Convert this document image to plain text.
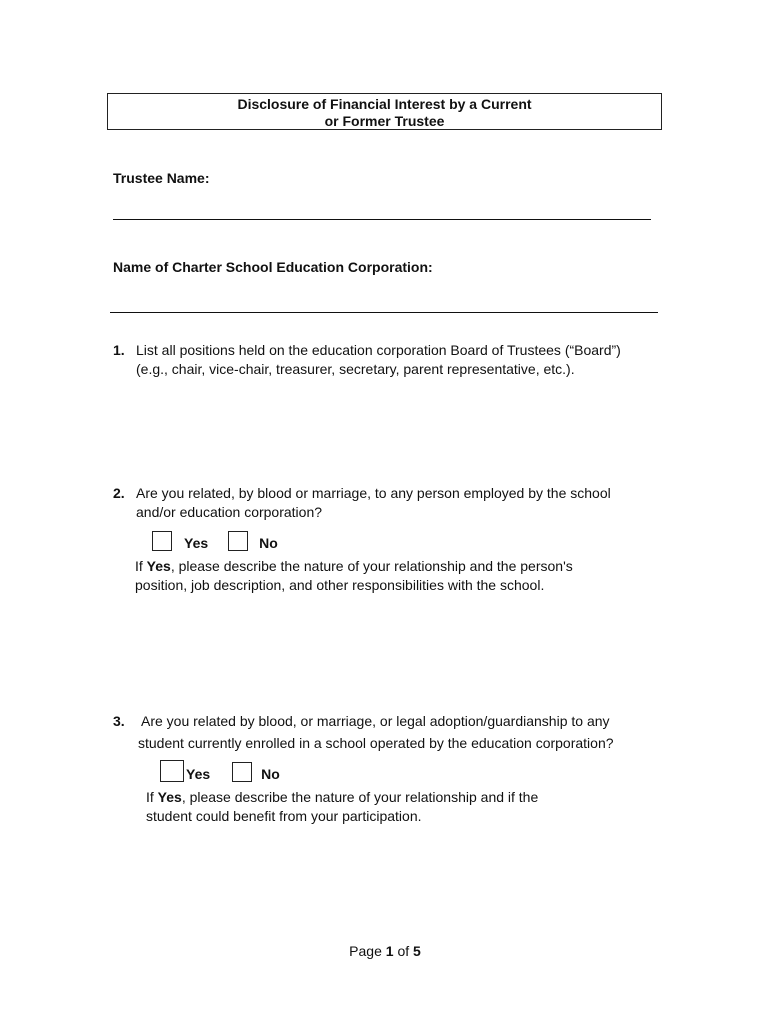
Disclosure of Financial Interest by a Current
or Former Trustee
Trustee Name:
Name of Charter School Education Corporation:
1. List all positions held on the education corporation Board of Trustees (“Board”)
(e.g., chair, vice-chair, treasurer, secretary, parent representative, etc.).
2. Are you related, by blood or marriage, to any person employed by the school
and/or education corporation?
Yes	No
If Yes, please describe the nature of your relationship and the person's
position, job description, and other responsibilities with the school.
3. Are you related by blood, or marriage, or legal adoption/guardianship to any
student currently enrolled in a school operated by the education corporation?
Yes	No
If Yes, please describe the nature of your relationship and if the
student could benefit from your participation.
Page 1 of 5
